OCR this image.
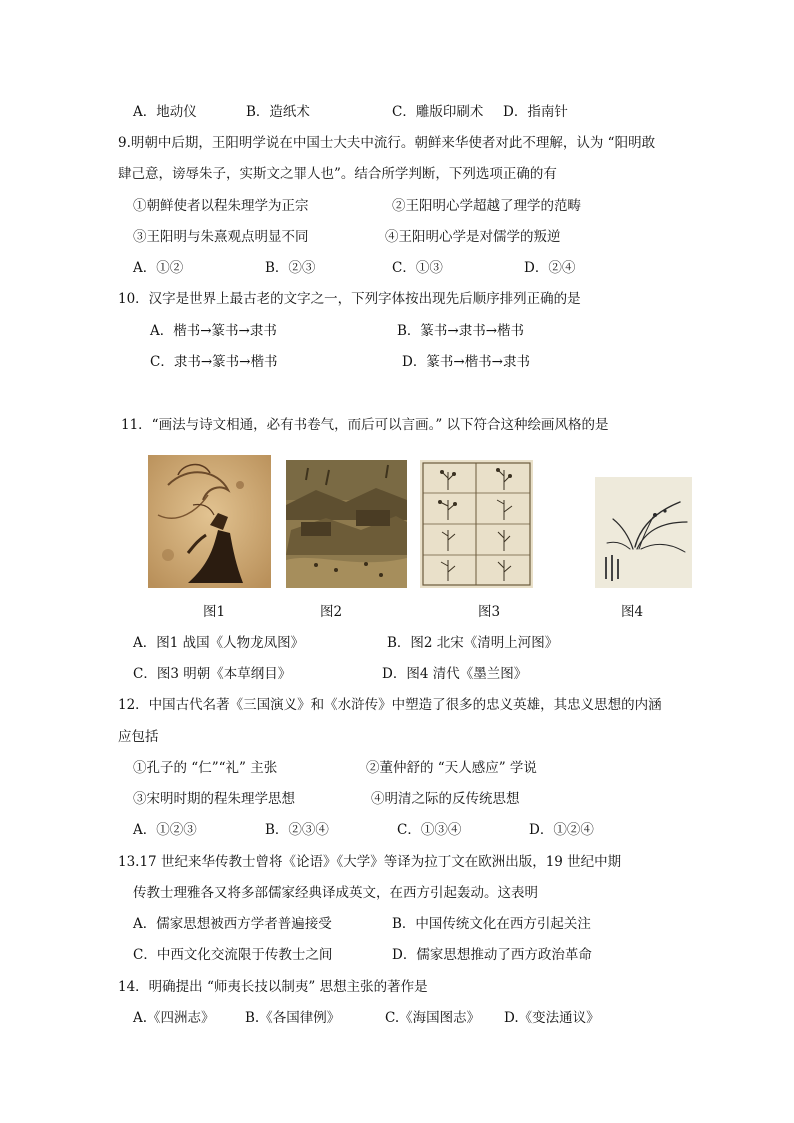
A．地动仪	B．造纸术	C．雕版印刷术 D．指南针
9.明朝中后期，王阳明学说在中国士大夫中流行。朝鲜来华使者对此不理解，认为 “阳明敢
肆己意，谤辱朱子，实斯文之罪人也”。结合所学判断，下列选项正确的有
①朝鲜使者以程朱理学为正宗	②王阳明心学超越了理学的范畴
③王阳明与朱熹观点明显不同	④王阳明心学是对儒学的叛逆
A．①②	B．②③	C．①③	D．②④
10．汉字是世界上最古老的文字之一，下列字体按出现先后顺序排列正确的是
A．楷书→篆书→隶书	B．篆书→隶书→楷书
C．隶书→篆书→楷书	D．篆书→楷书→隶书
11．“画法与诗文相通，必有书卷气，而后可以言画。” 以下符合这种绘画风格的是
图1	图2	图3	图4
A．图1 战国《人物龙凤图》	B．图2 北宋《清明上河图》
C．图3 明朝《本草纲目》	D．图4 清代《墨兰图》
12．中国古代名著《三国演义》和《水浒传》中塑造了很多的忠义英雄，其忠义思想的内涵
应包括
①孔子的 “仁”“礼” 主张	②董仲舒的 “天人感应” 学说
③宋明时期的程朱理学思想	④明清之际的反传统思想
A．①②③	B．②③④	C．①③④	D．①②④
13.17 世纪来华传教士曾将《论语》《大学》等译为拉丁文在欧洲出版，19 世纪中期
传教士理雅各又将多部儒家经典译成英文，在西方引起轰动。这表明
A．儒家思想被西方学者普遍接受	B．中国传统文化在西方引起关注
C．中西文化交流限于传教士之间	D．儒家思想推动了西方政治革命
14．明确提出 “师夷长技以制夷” 思想主张的著作是
A.《四洲志》 B.《各国律例》	C.《海国图志》 D.《变法通议》
